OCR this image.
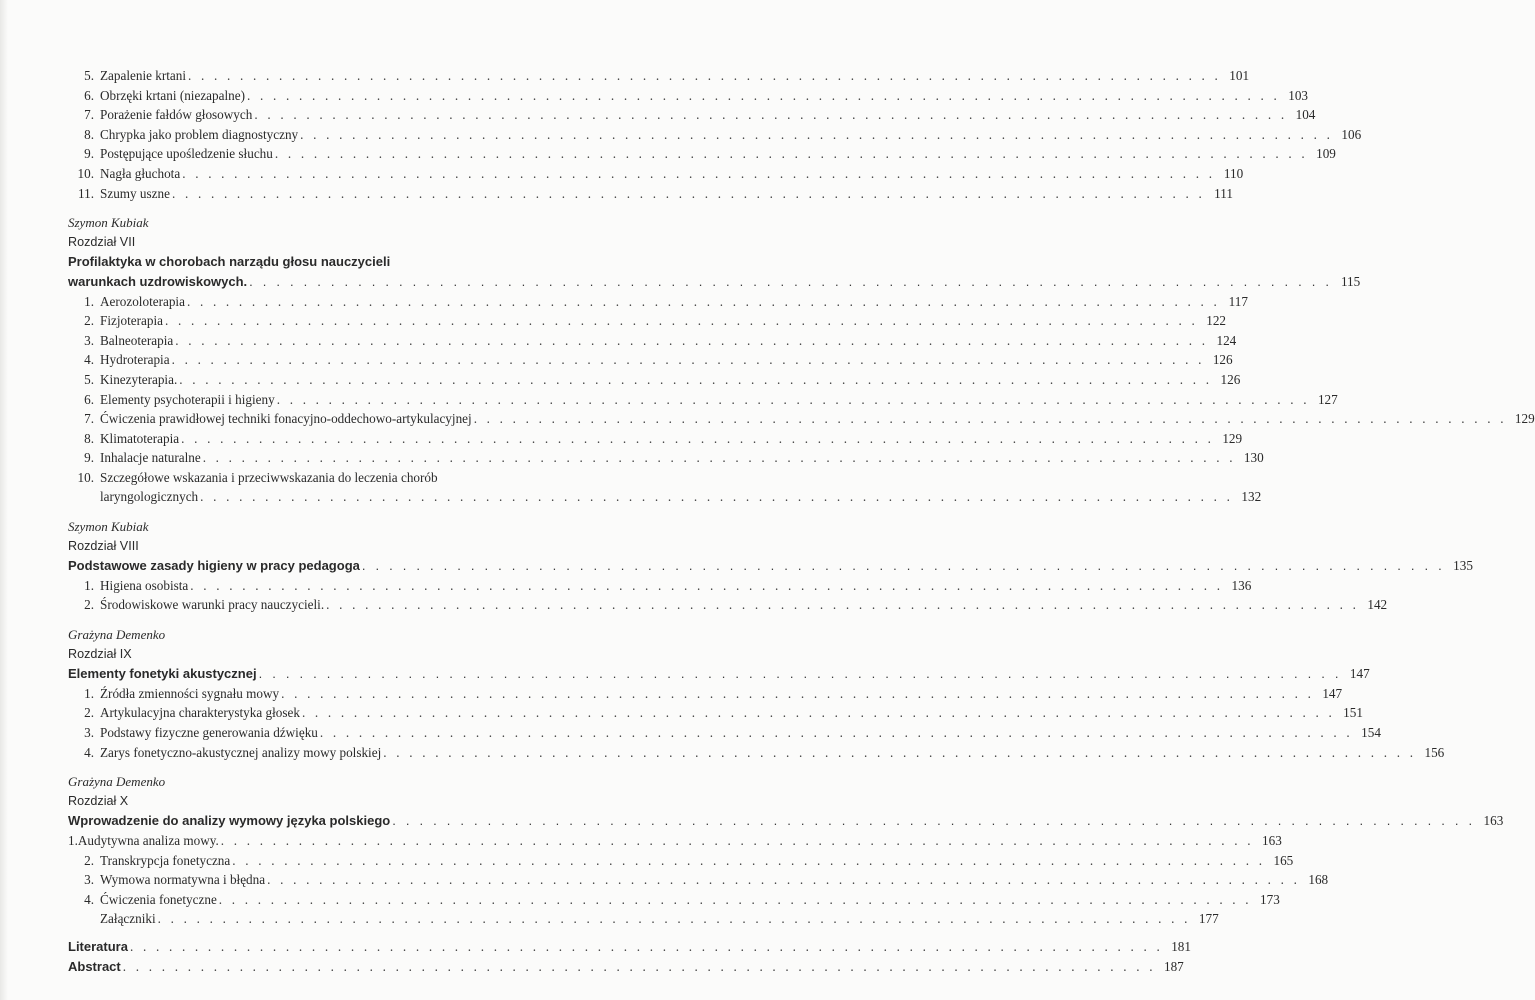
5. Zapalenie krtani . . . . . . . . . . . . . . . . . . . . . . . . . . . . . . . . . . . . . . . . . . . . . . . . . . . . . . . . . . . . . . . . . . . . . . . . . . . . . . . . 101
6. Obrzęki krtani (niezapalne) . . . . . . . . . . . . . . . . . . . . . . . . . . . . . . . . . . . . . . . . . . . . . . . . . . . . . . . . . . . . . . . . . . . . . . . . . . . . . . . . 103
7. Porażenie fałdów głosowych . . . . . . . . . . . . . . . . . . . . . . . . . . . . . . . . . . . . . . . . . . . . . . . . . . . . . . . . . . . . . . . . . . . . . . . . . . . . . . . . 104
8. Chrypka jako problem diagnostyczny . . . . . . . . . . . . . . . . . . . . . . . . . . . . . . . . . . . . . . . . . . . . . . . . . . . . . . . . . . . . . . . . . . . . . . . . . . . . . . . . 106
9. Postępujące upośledzenie słuchu . . . . . . . . . . . . . . . . . . . . . . . . . . . . . . . . . . . . . . . . . . . . . . . . . . . . . . . . . . . . . . . . . . . . . . . . . . . . . . . . 109
10. Nagła głuchota . . . . . . . . . . . . . . . . . . . . . . . . . . . . . . . . . . . . . . . . . . . . . . . . . . . . . . . . . . . . . . . . . . . . . . . . . . . . . . . . 110
11. Szumy uszne . . . . . . . . . . . . . . . . . . . . . . . . . . . . . . . . . . . . . . . . . . . . . . . . . . . . . . . . . . . . . . . . . . . . . . . . . . . . . . . . 111
Szymon Kubiak
Rozdział VII
Profilaktyka w chorobach narządu głosu nauczycieli
warunkach uzdrowiskowych. . . . . . . . . . . . . . . . . . . . . . . . . . . . . . . . . . . . . . . . . . . . . . . . . . . . . . . . . . . . . . . . . . . . . . . . . . . . . . . . . 115
1. Aerozoloterapia . . . . . . . . . . . . . . . . . . . . . . . . . . . . . . . . . . . . . . . . . . . . . . . . . . . . . . . . . . . . . . . . . . . . . . . . . . . . . . . . 117
2. Fizjoterapia . . . . . . . . . . . . . . . . . . . . . . . . . . . . . . . . . . . . . . . . . . . . . . . . . . . . . . . . . . . . . . . . . . . . . . . . . . . . . . . . 122
3. Balneoterapia . . . . . . . . . . . . . . . . . . . . . . . . . . . . . . . . . . . . . . . . . . . . . . . . . . . . . . . . . . . . . . . . . . . . . . . . . . . . . . . . 124
4. Hydroterapia . . . . . . . . . . . . . . . . . . . . . . . . . . . . . . . . . . . . . . . . . . . . . . . . . . . . . . . . . . . . . . . . . . . . . . . . . . . . . . . . 126
5. Kinezyterapia. . . . . . . . . . . . . . . . . . . . . . . . . . . . . . . . . . . . . . . . . . . . . . . . . . . . . . . . . . . . . . . . . . . . . . . . . . . . . . . . . 126
6. Elementy psychoterapii i higieny . . . . . . . . . . . . . . . . . . . . . . . . . . . . . . . . . . . . . . . . . . . . . . . . . . . . . . . . . . . . . . . . . . . . . . . . . . . . . . . . 127
7. Ćwiczenia prawidłowej techniki fonacyjno-oddechowo-artykulacyjnej . . . . . . . . . . . . . . . . . . . . . . . . . . . . . . . . . . . . . . . . . . . . . . . . . . . . . . . . . . . . . . . . . . . . . . . . . . . . . . . . 129
8. Klimatoterapia . . . . . . . . . . . . . . . . . . . . . . . . . . . . . . . . . . . . . . . . . . . . . . . . . . . . . . . . . . . . . . . . . . . . . . . . . . . . . . . . 129
9. Inhalacje naturalne . . . . . . . . . . . . . . . . . . . . . . . . . . . . . . . . . . . . . . . . . . . . . . . . . . . . . . . . . . . . . . . . . . . . . . . . . . . . . . . . 130
10. Szczegółowe wskazania i przeciwwskazania do leczenia chorób
laryngologicznych . . . . . . . . . . . . . . . . . . . . . . . . . . . . . . . . . . . . . . . . . . . . . . . . . . . . . . . . . . . . . . . . . . . . . . . . . . . . . . . . 132
Szymon Kubiak
Rozdział VIII
Podstawowe zasady higieny w pracy pedagoga . . . . . . . . . . . . . . . . . . . . . . . . . . . . . . . . . . . . . . . . . . . . . . . . . . . . . . . . . . . . . . . . . . . . . . . . . . . . . . . . 135
1. Higiena osobista . . . . . . . . . . . . . . . . . . . . . . . . . . . . . . . . . . . . . . . . . . . . . . . . . . . . . . . . . . . . . . . . . . . . . . . . . . . . . . . . 136
2. Środowiskowe warunki pracy nauczycieli. . . . . . . . . . . . . . . . . . . . . . . . . . . . . . . . . . . . . . . . . . . . . . . . . . . . . . . . . . . . . . . . . . . . . . . . . . . . . . . . . 142
Grażyna Demenko
Rozdział IX
Elementy fonetyki akustycznej . . . . . . . . . . . . . . . . . . . . . . . . . . . . . . . . . . . . . . . . . . . . . . . . . . . . . . . . . . . . . . . . . . . . . . . . . . . . . . . . 147
1. Źródła zmienności sygnału mowy . . . . . . . . . . . . . . . . . . . . . . . . . . . . . . . . . . . . . . . . . . . . . . . . . . . . . . . . . . . . . . . . . . . . . . . . . . . . . . . . 147
2. Artykulacyjna charakterystyka głosek . . . . . . . . . . . . . . . . . . . . . . . . . . . . . . . . . . . . . . . . . . . . . . . . . . . . . . . . . . . . . . . . . . . . . . . . . . . . . . . . 151
3. Podstawy fizyczne generowania dźwięku . . . . . . . . . . . . . . . . . . . . . . . . . . . . . . . . . . . . . . . . . . . . . . . . . . . . . . . . . . . . . . . . . . . . . . . . . . . . . . . . 154
4. Zarys fonetyczno-akustycznej analizy mowy polskiej . . . . . . . . . . . . . . . . . . . . . . . . . . . . . . . . . . . . . . . . . . . . . . . . . . . . . . . . . . . . . . . . . . . . . . . . . . . . . . . . 156
Grażyna Demenko
Rozdział X
Wprowadzenie do analizy wymowy języka polskiego . . . . . . . . . . . . . . . . . . . . . . . . . . . . . . . . . . . . . . . . . . . . . . . . . . . . . . . . . . . . . . . . . . . . . . . . . . . . . . . . 163
1.Audytywna analiza mowy. . . . . . . . . . . . . . . . . . . . . . . . . . . . . . . . . . . . . . . . . . . . . . . . . . . . . . . . . . . . . . . . . . . . . . . . . . . . . . . . . 163
2. Transkrypcja fonetyczna . . . . . . . . . . . . . . . . . . . . . . . . . . . . . . . . . . . . . . . . . . . . . . . . . . . . . . . . . . . . . . . . . . . . . . . . . . . . . . . . 165
3. Wymowa normatywna i błędna . . . . . . . . . . . . . . . . . . . . . . . . . . . . . . . . . . . . . . . . . . . . . . . . . . . . . . . . . . . . . . . . . . . . . . . . . . . . . . . . 168
4. Ćwiczenia fonetyczne . . . . . . . . . . . . . . . . . . . . . . . . . . . . . . . . . . . . . . . . . . . . . . . . . . . . . . . . . . . . . . . . . . . . . . . . . . . . . . . . 173
Załączniki . . . . . . . . . . . . . . . . . . . . . . . . . . . . . . . . . . . . . . . . . . . . . . . . . . . . . . . . . . . . . . . . . . . . . . . . . . . . . . . . 177
Literatura . . . . . . . . . . . . . . . . . . . . . . . . . . . . . . . . . . . . . . . . . . . . . . . . . . . . . . . . . . . . . . . . . . . . . . . . . . . . . . . . 181
Abstract . . . . . . . . . . . . . . . . . . . . . . . . . . . . . . . . . . . . . . . . . . . . . . . . . . . . . . . . . . . . . . . . . . . . . . . . . . . . . . . . 187
